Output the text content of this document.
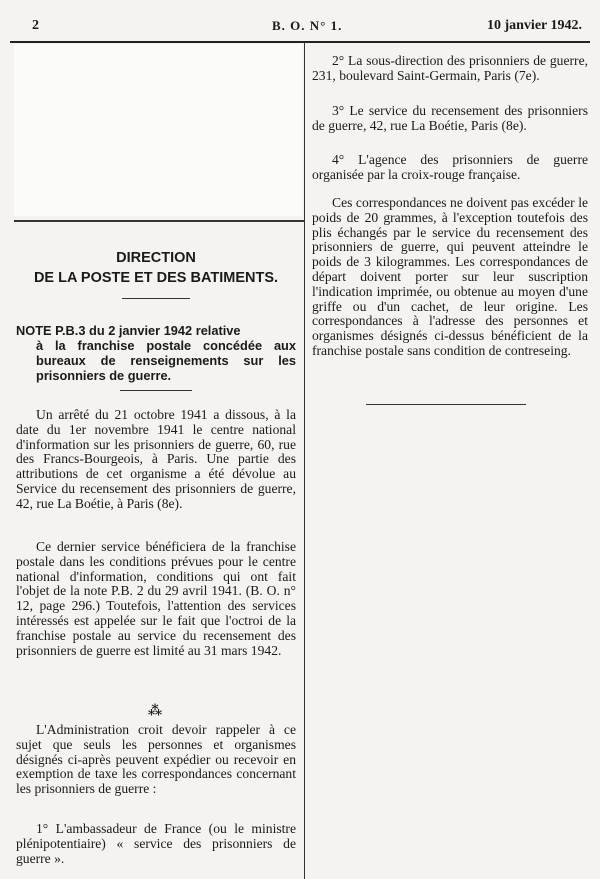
2	B. O. N° 1.	10 janvier 1942.
DIRECTION
DE LA POSTE ET DES BATIMENTS.

NOTE P.B.3 du 2 janvier 1942 relative

à la franchise postale concédée aux bureaux de renseignements sur les prisonniers de guerre.

Un arrêté du 21 octobre 1941 a dissous, à la date du 1er novembre 1941 le centre national d'information sur les prisonniers de guerre, 60, rue des Francs-Bourgeois, à Paris. Une partie des attributions de cet organisme a été dévolue au Service du recensement des prisonniers de guerre, 42, rue La Boétie, à Paris (8e).

Ce dernier service bénéficiera de la franchise postale dans les conditions prévues pour le centre national d'information, conditions qui ont fait l'objet de la note P.B. 2 du 29 avril 1941. (B. O. n° 12, page 296.) Toutefois, l'attention des services intéressés est appelée sur le fait que l'octroi de la franchise postale au service du recensement des prisonniers de guerre est limité au 31 mars 1942.

⁂

L'Administration croit devoir rappeler à ce sujet que seuls les personnes et organismes désignés ci-après peuvent expédier ou recevoir en exemption de taxe les correspondances concernant les prisonniers de guerre :

1° L'ambassadeur de France (ou le ministre plénipotentiaire) « service des prisonniers de guerre ».

2° La sous-direction des prisonniers de guerre, 231, boulevard Saint-Germain, Paris (7e).

3° Le service du recensement des prisonniers de guerre, 42, rue La Boétie, Paris (8e).

4° L'agence des prisonniers de guerre organisée par la croix-rouge française.

Ces correspondances ne doivent pas excéder le poids de 20 grammes, à l'exception toutefois des plis échangés par le service du recensement des prisonniers de guerre, qui peuvent atteindre le poids de 3 kilogrammes. Les correspondances de départ doivent porter sur leur suscription l'indication imprimée, ou obtenue au moyen d'une griffe ou d'un cachet, de leur origine. Les correspondances à l'adresse des personnes et organismes désignés ci-dessus bénéficient de la franchise postale sans condition de contreseing.
